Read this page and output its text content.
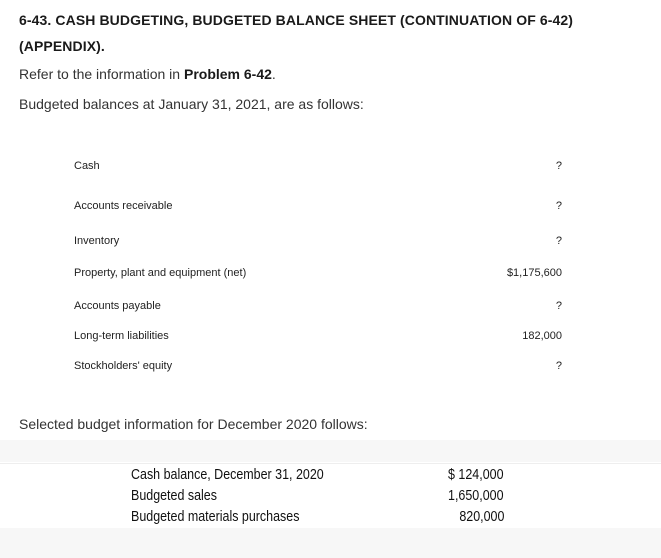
6-43. CASH BUDGETING, BUDGETED BALANCE SHEET (CONTINUATION OF 6-42) (APPENDIX).
Refer to the information in Problem 6-42.
Budgeted balances at January 31, 2021, are as follows:
Cash	?
Accounts receivable	?
Inventory	?
Property, plant and equipment (net)	$1,175,600
Accounts payable	?
Long-term liabilities	182,000
Stockholders' equity	?
Selected budget information for December 2020 follows:
Cash balance, December 31, 2020	$ 124,000
Budgeted sales	1,650,000
Budgeted materials purchases	820,000
